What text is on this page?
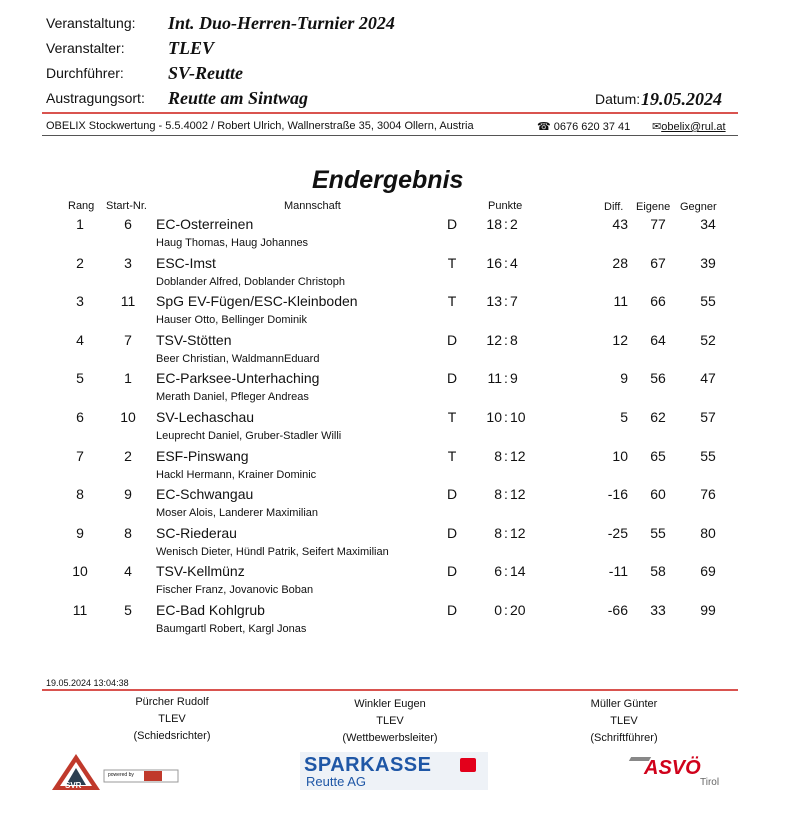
Veranstaltung: Int. Duo-Herren-Turnier 2024
Veranstalter: TLEV
Durchführer: SV-Reutte
Austragungsort: Reutte am Sintwag	Datum: 19.05.2024
OBELIX Stockwertung - 5.5.4002 / Robert Ulrich, Wallnerstraße 35, 3004 Ollern, Austria	☎ 0676 620 37 41 ✉obelix@rul.at
Endergebnis
Rang Start-Nr.	Mannschaft	Punkte	Diff. Eigene Gegner
1	6	EC-Osterreinen
Haug Thomas, Haug Johannes
D	18 : 2	43	77	34
2	3	ESC-Imst
Doblander Alfred, Doblander Christoph
T	16 : 4	28	67	39
3	11	SpG EV-Fügen/ESC-Kleinboden
Hauser Otto, Bellinger Dominik
T	13 : 7	11	66	55
4	7	TSV-Stötten
Beer Christian, WaldmannEduard
D	12 : 8	12	64	52
5	1	EC-Parksee-Unterhaching
Merath Daniel, Pfleger Andreas
D	11 : 9	9	56	47
6	10	SV-Lechaschau
Leuprecht Daniel, Gruber-Stadler Willi
T	10 : 10	5	62	57
7	2	ESF-Pinswang
Hackl Hermann, Krainer Dominic
T	8 : 12	10	65	55
8	9	EC-Schwangau
Moser Alois, Landerer Maximilian
D	8 : 12	-16	60	76
9	8	SC-Riederau
Wenisch Dieter, Hündl Patrik, Seifert Maximilian
D	8 : 12	-25	55	80
10	4	TSV-Kellmünz
Fischer Franz, Jovanovic Boban
D	6 : 14	-11	58	69
11	5	EC-Bad Kohlgrub
Baumgartl Robert, Kargl Jonas
D	0 : 20	-66	33	99
19.05.2024 13:04:38
Pürcher Rudolf
TLEV
(Schiedsrichter)
Winkler Eugen
TLEV
(Wettbewerbsleiter)
Müller Günter
TLEV
(Schriftführer)
SVR
powered by	SPARKASSE
Reutte AG
ASVÖ
Tirol
